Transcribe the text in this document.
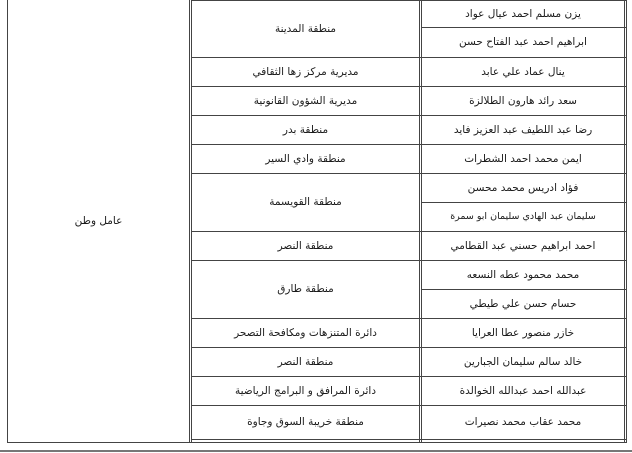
عامل وطن
منطقة المدينة
مديرية مركز زها الثقافي
مديرية الشؤون القانونية
منطقة بدر
منطقة وادي السير
منطقة القويسمة
منطقة النصر
منطقة طارق
دائرة المتنزهات ومكافحة التصحر
منطقة النصر
دائرة المرافق و البرامج الرياضية
منطقة خريبة السوق وجاوة
يزن مسلم احمد عيال عواد
ابراهيم احمد عبد الفتاح حسن
ينال عماد علي عابد
سعد رائد هارون الطلالزة
رضا عبد اللطيف عبد العزيز فايد
ايمن محمد احمد الشطرات
فؤاد ادريس محمد محسن
سليمان عبد الهادي سليمان ابو سمرة
احمد ابراهيم حسني عبد القطامي
محمد محمود عطه النسعه
حسام حسن علي طيطي
خازر منصور عطا العرايا
خالد سالم سليمان الجبارين
عبدالله احمد عبدالله الخوالدة
محمد عقاب محمد نصيرات
